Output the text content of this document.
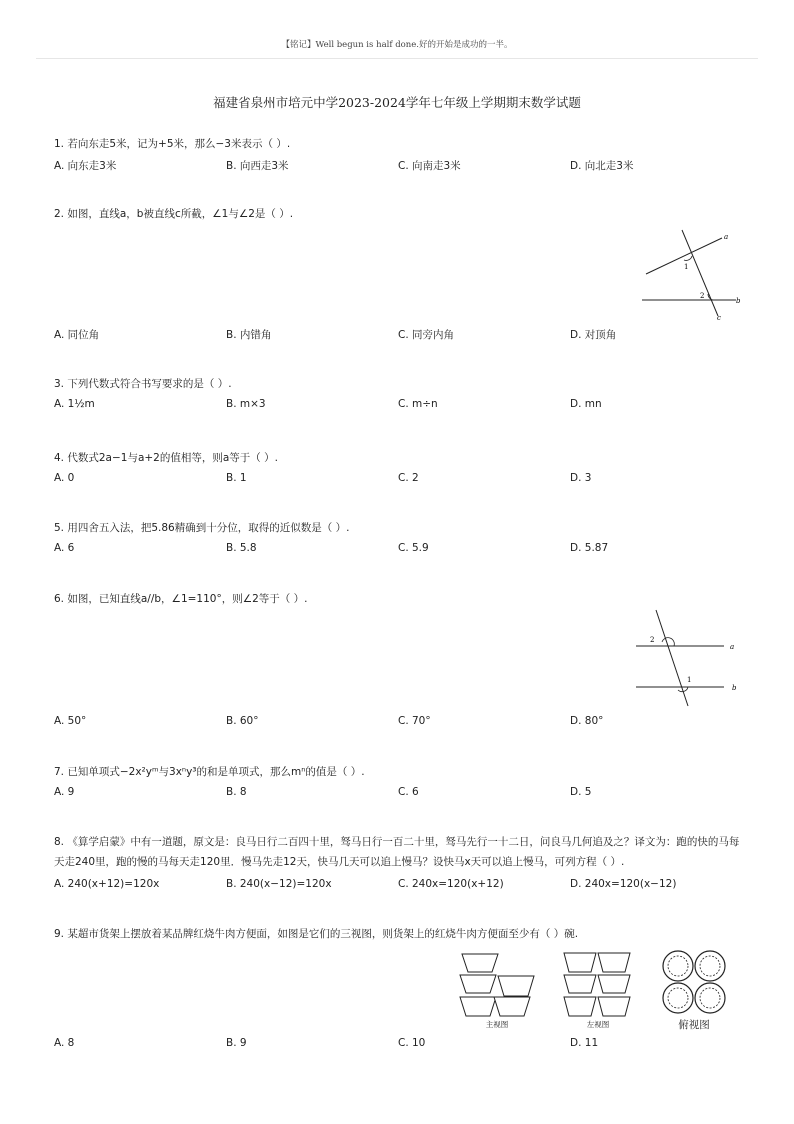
【铭记】Well begun is half done.好的开始是成功的一半。
福建省泉州市培元中学2023-2024学年七年级上学期期末数学试题
1. 若向东走5米，记为+5米，那么−3米表示（ ）.
A. 向东走3米	B. 向西走3米	C. 向南走3米	D. 向北走3米
2. 如图，直线a，b被直线c所截，∠1与∠2是（ ）.
a
b
c
1
2
A. 同位角	B. 内错角	C. 同旁内角	D. 对顶角
3. 下列代数式符合书写要求的是（ ）.
A. 1½m	B. m×3	C. m÷n	D. mn
4. 代数式2a−1与a+2的值相等，则a等于（ ）.
A. 0	B. 1	C. 2	D. 3
5. 用四舍五入法，把5.86精确到十分位，取得的近似数是（ ）.
A. 6	B. 5.8	C. 5.9	D. 5.87
6. 如图，已知直线a//b，∠1=110°，则∠2等于（ ）.
a
b
1
2
A. 50°	B. 60°	C. 70°	D. 80°
7. 已知单项式−2x²yᵐ与3xⁿy³的和是单项式，那么mⁿ的值是（ ）.
A. 9	B. 8	C. 6	D. 5
8. 《算学启蒙》中有一道题，原文是：良马日行二百四十里，驽马日行一百二十里，驽马先行一十二日，问良马几何追及之？译文为：跑的快的马每天走240里，跑的慢的马每天走120里．慢马先走12天，快马几天可以追上慢马？设快马x天可以追上慢马，可列方程（ ）.
A. 240(x+12)=120x	B. 240(x−12)=120x	C. 240x=120(x+12)	D. 240x=120(x−12)
9. 某超市货架上摆放着某品牌红烧牛肉方便面，如图是它们的三视图，则货架上的红烧牛肉方便面至少有（ ）碗.
主视图	左视图	俯视图
A. 8	B. 9	C. 10	D. 11
